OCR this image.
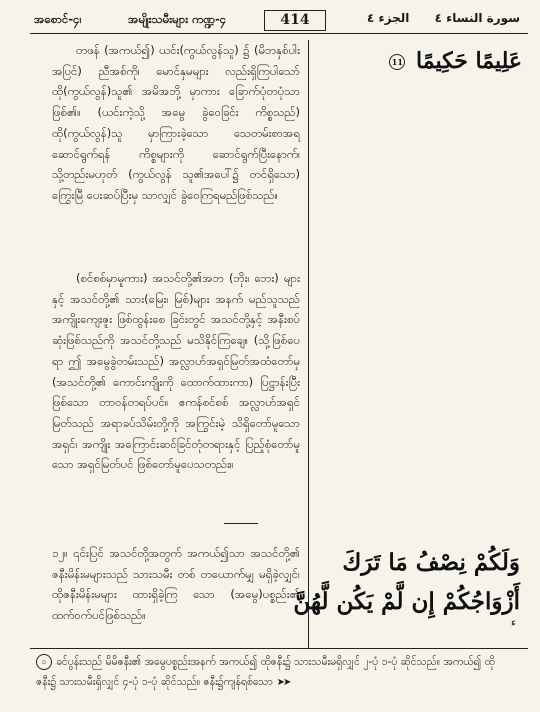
အစောင်-၄၊	အမျိုးသမီးများ ကဏ္ဍ-၄	414	الجزء ٤ سورة النساء ٤
တဖန် (အကယ်၍) ယင်း(ကွယ်လွန်သူ) ၌ (မိဘနှစ်ပါးအပြင်) ညီအစ်ကို၊ မောင်နှမများ လည်းရှိကြပါသော် ထို(ကွယ်လွန်)သူ၏ အမိအဘို့ မှာကား ခြောက်ပုံတပုံသာ ဖြစ်၏။ (ယင်းကဲ့သို့ အမွေ ခွဲဝေခြင်း ကိစ္စသည်) ထို(ကွယ်လွန်)သူ မှာကြားခဲ့သော သေတမ်းစာအရ ဆောင်ရွက်ရန် ကိစ္စများကို ဆောင်ရွက်ပြီးနောက်၊ သို့တည်းမဟုတ် (ကွယ်လွန် သူ၏အပေါ်၌ တင်ရှိသော) ကြွေးမြီ ပေးဆပ်ပြီးမှ သာလျှင် ခွဲဝေကြရမည်ဖြစ်သည်။
(စင်စစ်မှာမူကား) အသင်တို့၏အဘ (ဘိုး၊ ဘေး) များနှင့် အသင်တို့၏ သား(မြေး၊ မြစ်)များ အနက် မည်သူသည် အကျိုးကျေးဇူး ဖြစ်ထွန်းစေ ခြင်းတွင် အသင်တို့နှင့် အနီးစပ်ဆုံးဖြစ်သည်ကို အသင်တို့သည် မသိနိုင်ကြချေ။ (သို့ဖြစ်ပေရာ ဤ အမွေခွဲတမ်းသည်) အလ္လာဟ်အရှင်မြတ်အထံတော်မှ (အသင်တို့၏ ကောင်းကျိုးကို ထောက်ထားကာ) ပြဋ္ဌာန်းပြီးဖြစ်သော တာဝန်တရပ်ပင်။ ဧကန်စင်စစ် အလ္လာဟ်အရှင်မြတ်သည် အရာခပ်သိမ်းတို့ကို အကြွင်းမဲ့ သိရှိတော်မူသော အရှင်၊ အကျိုး အကြောင်းဆင်ခြင်တုံတရားနှင့် ပြည့်စုံတော်မူသော အရှင်မြတ်ပင် ဖြစ်တော်မူပေသတည်း။
၁၂။ ၎င်းပြင် အသင်တို့အတွက် အကယ်၍သာ အသင်တို့၏ ဇနီးမိန်းမများသည် သားသမီး တစ် တယောက်မျှ မရှိခဲ့လျှင်၊ ထိုဇနီးမိန်းမများ ထားရှိခဲ့ကြ သော (အမွေ)ပစ္စည်း၏ ထက်ဝက်ပင်ဖြစ်သည်။
عَلِيمًا حَكِيمًا 11
وَلَكُمْ نِصْفُ مَا تَرَكَ
أَزْوَاجُكُمْ إِن لَّمْ يَكُن لَّهُنَّ
ء
၁ ခင်ပွန်းသည် မိမိဇနီး၏ အမွေပစ္စည်းအနက် အကယ်၍ ထိုဇနီး၌ သားသမီးမရှိလျှင် ၂-ပုံ ၁-ပုံ ဆိုင်သည်။ အကယ်၍ ထိုဇနီး၌ သားသမီးရှိလျှင် ၄-ပုံ ၁-ပုံ ဆိုင်သည်။ ဇနီး၌ကျန်ရစ်သော ➤➤
